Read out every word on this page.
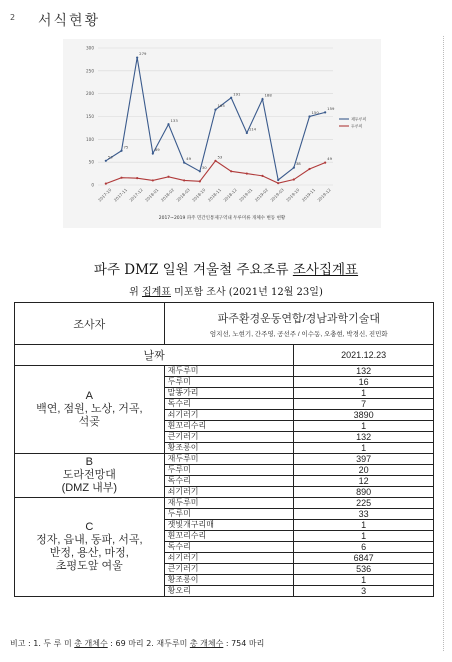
2 서식현황
0
50
100
150
200
250
300
2017-10 2017-11 2017-12 2018-01 2018-02 2018-03 2018-10 2018-11 2018-12 2019-01 2019-02 2019-03 2019-10 2019-11 2019-12
53
75
279
69
133
49
30
165
191
114
188
38
150
159
53	49
재두루미
두루미
2017~2019 파주 민간인통제구역내 두루미류 개체수 변동 현황
파주 DMZ 일원 겨울철 주요조류 조사집계표
위 집계표 미포함 조사 (2021년 12월 23일)
조사자	파주환경운동연합/경남과학기술대
엄지선, 노현기, 간주영, 공선주 / 이수동, 오충현, 박경신, 진민화	

날짜		2021.12.23
A
백연, 점원, 노상, 거곡,
석곶	재두루미	132
	두루미	16
	말똥가리	1
	독수리	7
	쇠기러기	3890
	흰꼬리수리	1
	큰기러기	132
	황조롱이	1
B
도라전망대
(DMZ 내부)	재두루미	397
	두루미	20
	독수리	12
	쇠기러기	890
C
정자, 읍내, 동파, 서곡,
반정, 용산, 마정,
초평도앞 여울	재두루미	225
	두루미	33
	잿빛개구리매	1
	흰꼬리수리	1
	독수리	6
	쇠기러기	6847
	큰기러기	536
	황조롱이	1
	황오리	3
비고 : 1. 두 루 미 총 개체수 : 69 마리 2. 재두루미 총 개체수 : 754 마리
